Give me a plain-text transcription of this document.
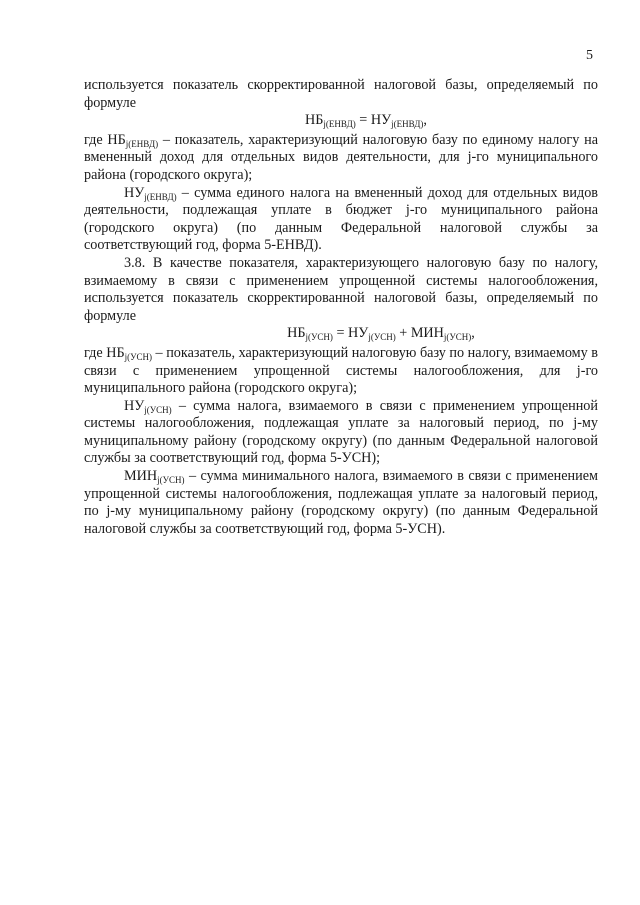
5

используется показатель скорректированной налоговой базы, определяемый по формуле

$НБ_{j(ЕНВД)} = НУ_{j(ЕНВД)}$,

где $НБ_{j(ЕНВД)}$ – показатель, характеризующий налоговую базу по единому налогу на вмененный доход для отдельных видов деятельности, для j-го муниципального района (городского округа);

$НУ_{j(ЕНВД)}$ – сумма единого налога на вмененный доход для отдельных видов деятельности, подлежащая уплате в бюджет j-го муниципального района (городского округа) (по данным Федеральной налоговой службы за соответствующий год, форма 5-ЕНВД).

3.8. В качестве показателя, характеризующего налоговую базу по налогу, взимаемому в связи с применением упрощенной системы налогообложения, используется показатель скорректированной налоговой базы, определяемый по формуле

$НБ_{j(УСН)} = НУ_{j(УСН)} + МИН_{j(УСН)}$,

где $НБ_{j(УСН)}$ – показатель, характеризующий налоговую базу по налогу, взимаемому в связи с применением упрощенной системы налогообложения, для j-го муниципального района (городского округа);

$НУ_{j(УСН)}$ – сумма налога, взимаемого в связи с применением упрощенной системы налогообложения, подлежащая уплате за налоговый период, по j-му муниципальному району (городскому округу) (по данным Федеральной налоговой службы за соответствующий год, форма 5-УСН);

$МИН_{j(УСН)}$ – сумма минимального налога, взимаемого в связи с применением упрощенной системы налогообложения, подлежащая уплате за налоговый период, по j-му муниципальному району (городскому округу) (по данным Федеральной налоговой службы за соответствующий год, форма 5-УСН).
